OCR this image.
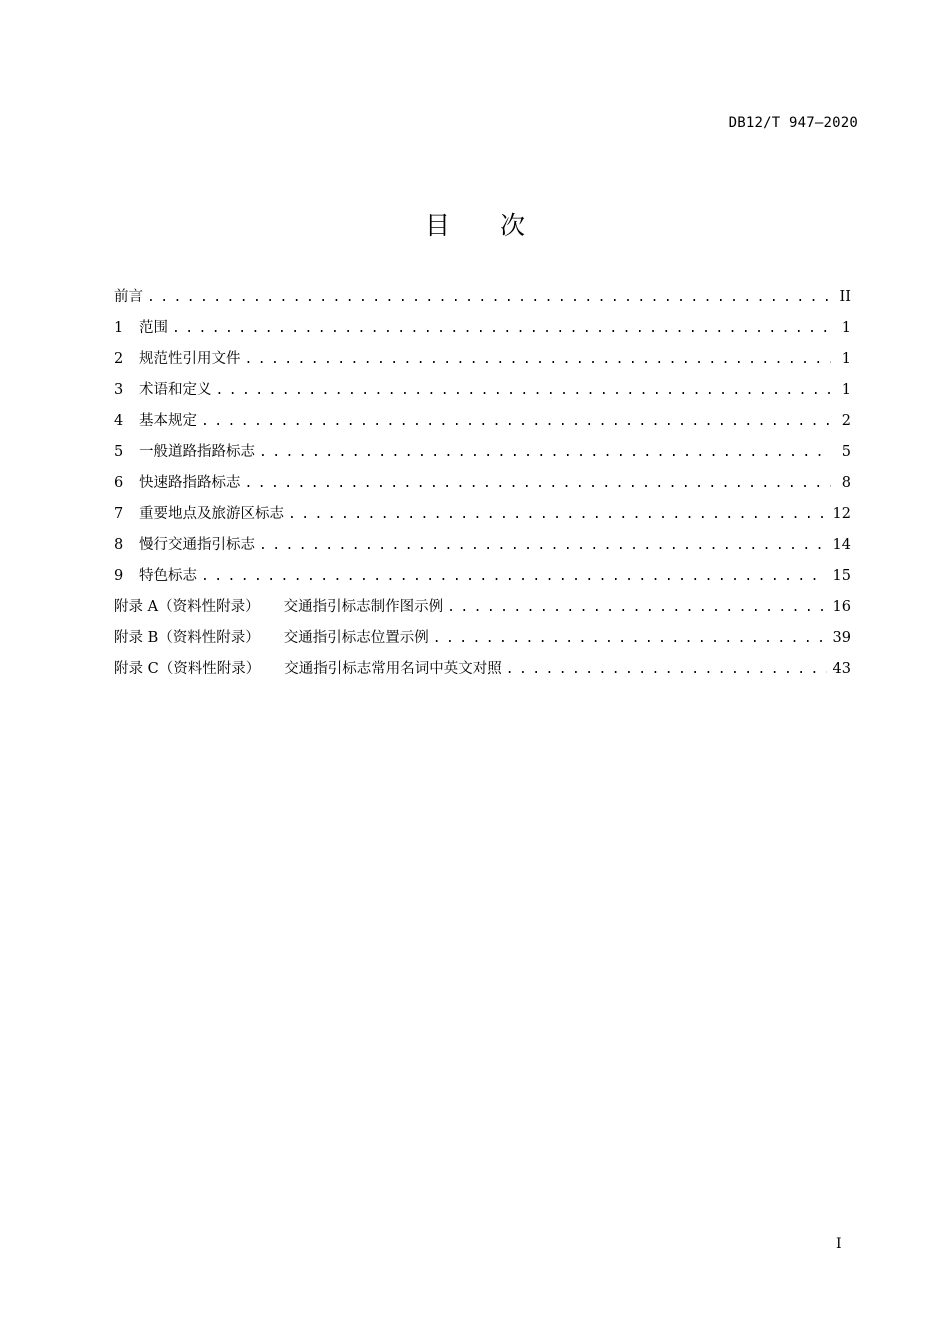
DB12/T 947—2020
目次
前言 . . .	II
1	范围 . . .	1
2	规范性引用文件 . . .	1
3	术语和定义 . . .	1
4	基本规定 . . .	2
5	一般道路指路标志 . . .	5
6	快速路指路标志 . . .	8
7	重要地点及旅游区标志 . . .	12
8	慢行交通指引标志 . . .	14
9	特色标志 . . .	15
附录 A（资料性附录） 交通指引标志制作图示例 . . .	16
附录 B（资料性附录） 交通指引标志位置示例 . . .	39
附录 C（资料性附录） 交通指引标志常用名词中英文对照 . . .	43
I
